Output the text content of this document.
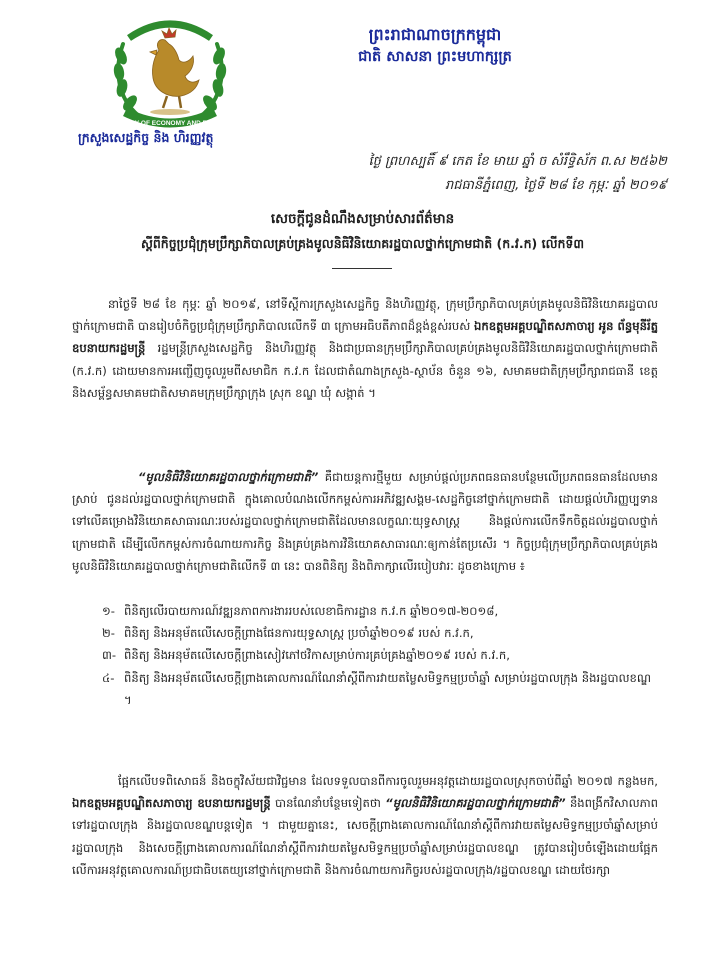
MINISTRY OF ECONOMY AND FINANCE
ក្រសួងសេដ្ឋកិច្ច និង ហិរញ្ញវត្ថុ
ព្រះរាជាណាចក្រកម្ពុជា
ជាតិ សាសនា ព្រះមហាក្សត្រ
ថ្ងៃ ព្រហស្បតិ៍ ៩ កេត ខែ មាឃ ឆ្នាំ ច សំរឹទ្ធិស័ក ព.ស ២៥៦២
រាជធានីភ្នំពេញ, ថ្ងៃទី ២៨ ខែ កុម្ភៈ ឆ្នាំ ២០១៩
សេចក្តីជូនដំណឹងសម្រាប់សារព័ត៌មាន
ស្តីពីកិច្ចប្រជុំក្រុមប្រឹក្សាភិបាលគ្រប់គ្រងមូលនិធិវិនិយោគរដ្ឋបាលថ្នាក់ក្រោមជាតិ (ក.វ.ក) លើកទី៣
នាថ្ងៃទី ២៨ ខែ កុម្ភៈ ឆ្នាំ ២០១៩, នៅទីស្តីការក្រសួងសេដ្ឋកិច្ច និងហិរញ្ញវត្ថុ, ក្រុមប្រឹក្សាភិបាលគ្រប់គ្រងមូលនិធិវិនិយោគរដ្ឋបាលថ្នាក់ក្រោមជាតិ បានរៀបចំកិច្ចប្រជុំក្រុមប្រឹក្សាភិបាលលើកទី ៣ ក្រោមអធិបតីភាពដ៏ខ្ពង់ខ្ពស់របស់ ឯកឧត្តមអគ្គបណ្ឌិតសភាចារ្យ អូន ព័ន្ធមុនីរ័ត្ន ឧបនាយករដ្ឋមន្ត្រី រដ្ឋមន្ត្រីក្រសួងសេដ្ឋកិច្ច និងហិរញ្ញវត្ថុ និងជាប្រធានក្រុមប្រឹក្សាភិបាលគ្រប់គ្រងមូលនិធិវិនិយោគរដ្ឋបាលថ្នាក់ក្រោមជាតិ (ក.វ.ក) ដោយមានការអញ្ជើញចូលរួមពីសមាជិក ក.វ.ក ដែលជាតំណាងក្រសួង-ស្ថាប័ន ចំនួន ១៦, សមាគមជាតិក្រុមប្រឹក្សារាជធានី ខេត្ត និងសម្ព័ន្ធសមាគមជាតិសមាគមក្រុមប្រឹក្សាក្រុង ស្រុក ខណ្ឌ ឃុំ សង្កាត់ ។
“មូលនិធិវិនិយោគរដ្ឋបាលថ្នាក់ក្រោមជាតិ” គឺជាយន្តការថ្មីមួយ សម្រាប់ផ្តល់ប្រភពធនធានបន្ថែមលើប្រភពធនធានដែលមានស្រាប់ ជូនដល់រដ្ឋបាលថ្នាក់ក្រោមជាតិ ក្នុងគោលបំណងលើកកម្ពស់ការអភិវឌ្ឍសង្គម-សេដ្ឋកិច្ចនៅថ្នាក់ក្រោមជាតិ ដោយផ្តល់ហិរញ្ញប្បទានទៅលើគម្រោងវិនិយោគសាធារណៈរបស់រដ្ឋបាលថ្នាក់ក្រោមជាតិដែលមានលក្ខណៈយុទ្ធសាស្ត្រ និងផ្តល់ការលើកទឹកចិត្តដល់រដ្ឋបាលថ្នាក់ក្រោមជាតិ ដើម្បីលើកកម្ពស់ការចំណាយការកិច្ច និងគ្រប់គ្រងការវិនិយោគសាធារណៈឲ្យកាន់តែប្រសើរ ។ កិច្ចប្រជុំក្រុមប្រឹក្សាភិបាលគ្រប់គ្រងមូលនិធិវិនិយោគរដ្ឋបាលថ្នាក់ក្រោមជាតិលើកទី ៣ នេះ បានពិនិត្យ និងពិភាក្សាលើរបៀបវារៈ ដូចខាងក្រោម ៖
១- ពិនិត្យលើរបាយការណ៍វឌ្ឍនភាពការងាររបស់លេខាធិការដ្ឋាន ក.វ.ក ឆ្នាំ២០១៧-២០១៨,
២- ពិនិត្យ និងអនុម័តលើសេចក្តីព្រាងផែនការយុទ្ធសាស្ត្រ ប្រចាំឆ្នាំ២០១៩ របស់ ក.វ.ក,
៣- ពិនិត្យ និងអនុម័តលើសេចក្តីព្រាងសៀវភៅថវិកាសម្រាប់ការគ្រប់គ្រងឆ្នាំ២០១៩ របស់ ក.វ.ក,
៤- ពិនិត្យ និងអនុម័តលើសេចក្តីព្រាងគោលការណ៍ណែនាំស្តីពីការវាយតម្លៃសមិទ្ធកម្មប្រចាំឆ្នាំ សម្រាប់រដ្ឋបាលក្រុង និងរដ្ឋបាលខណ្ឌ ។
ផ្អែកលើបទពិសោធន៍ និងចក្ខុវិស័យជាវិជ្ជមាន ដែលទទួលបានពីការចូលរួមអនុវត្តដោយរដ្ឋបាលស្រុកចាប់ពីឆ្នាំ ២០១៧ កន្លងមក, ឯកឧត្តមអគ្គបណ្ឌិតសភាចារ្យ ឧបនាយករដ្ឋមន្ត្រី បានណែនាំបន្ថែមទៀតថា “មូលនិធិវិនិយោគរដ្ឋបាលថ្នាក់ក្រោមជាតិ” នឹងពង្រីកវិសាលភាពទៅរដ្ឋបាលក្រុង និងរដ្ឋបាលខណ្ឌបន្តទៀត ។ ជាមួយគ្នានេះ, សេចក្តីព្រាងគោលការណ៍ណែនាំស្តីពីការវាយតម្លៃសមិទ្ធកម្មប្រចាំឆ្នាំសម្រាប់រដ្ឋបាលក្រុង និងសេចក្តីព្រាងគោលការណ៍ណែនាំស្តីពីការវាយតម្លៃសមិទ្ធកម្មប្រចាំឆ្នាំសម្រាប់រដ្ឋបាលខណ្ឌ ត្រូវបានរៀបចំឡើងដោយផ្អែកលើការអនុវត្តគោលការណ៍ប្រជាធិបតេយ្យនៅថ្នាក់ក្រោមជាតិ និងការចំណាយការកិច្ចរបស់រដ្ឋបាលក្រុង/រដ្ឋបាលខណ្ឌ ដោយថែរក្សា
